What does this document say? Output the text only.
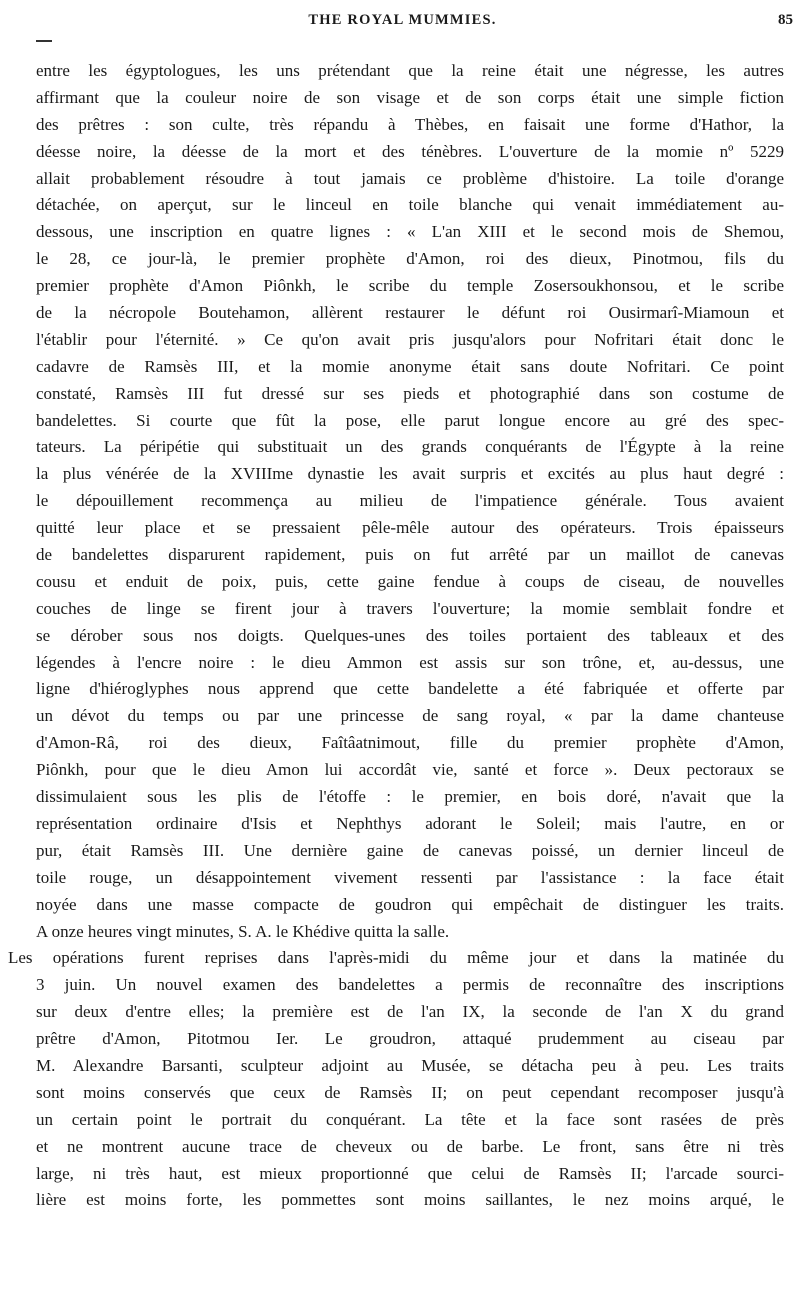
THE ROYAL MUMMIES.	85
entre les égyptologues, les uns prétendant que la reine était une négresse, les autres
affirmant que la couleur noire de son visage et de son corps était une simple fiction
des prêtres : son culte, très répandu à Thèbes, en faisait une forme d'Hathor, la
déesse noire, la déesse de la mort et des ténèbres. L'ouverture de la momie nº 5229
allait probablement résoudre à tout jamais ce problème d'histoire. La toile d'orange
détachée, on aperçut, sur le linceul en toile blanche qui venait immédiatement au-
dessous, une inscription en quatre lignes : « L'an XIII et le second mois de Shemou,
le 28, ce jour-là, le premier prophète d'Amon, roi des dieux, Pinotmou, fils du
premier prophète d'Amon Piônkh, le scribe du temple Zosersoukhonsou, et le scribe
de la nécropole Boutehamon, allèrent restaurer le défunt roi Ousirmarî-Miamoun et
l'établir pour l'éternité. » Ce qu'on avait pris jusqu'alors pour Nofritari était donc le
cadavre de Ramsès III, et la momie anonyme était sans doute Nofritari. Ce point
constaté, Ramsès III fut dressé sur ses pieds et photographié dans son costume de
bandelettes. Si courte que fût la pose, elle parut longue encore au gré des spec-
tateurs. La péripétie qui substituait un des grands conquérants de l'Égypte à la reine
la plus vénérée de la XVIIIme dynastie les avait surpris et excités au plus haut degré :
le dépouillement recommença au milieu de l'impatience générale. Tous avaient
quitté leur place et se pressaient pêle-mêle autour des opérateurs. Trois épaisseurs
de bandelettes disparurent rapidement, puis on fut arrêté par un maillot de canevas
cousu et enduit de poix, puis, cette gaine fendue à coups de ciseau, de nouvelles
couches de linge se firent jour à travers l'ouverture; la momie semblait fondre et
se dérober sous nos doigts. Quelques-unes des toiles portaient des tableaux et des
légendes à l'encre noire : le dieu Ammon est assis sur son trône, et, au-dessus, une
ligne d'hiéroglyphes nous apprend que cette bandelette a été fabriquée et offerte par
un dévot du temps ou par une princesse de sang royal, « par la dame chanteuse
d'Amon-Râ, roi des dieux, Faîtâatnimout, fille du premier prophète d'Amon,
Piônkh, pour que le dieu Amon lui accordât vie, santé et force ». Deux pectoraux se
dissimulaient sous les plis de l'étoffe : le premier, en bois doré, n'avait que la
représentation ordinaire d'Isis et Nephthys adorant le Soleil; mais l'autre, en or
pur, était Ramsès III. Une dernière gaine de canevas poissé, un dernier linceul de
toile rouge, un désappointement vivement ressenti par l'assistance : la face était
noyée dans une masse compacte de goudron qui empêchait de distinguer les traits.
A onze heures vingt minutes, S. A. le Khédive quitta la salle.
Les opérations furent reprises dans l'après-midi du même jour et dans la matinée du
3 juin. Un nouvel examen des bandelettes a permis de reconnaître des inscriptions
sur deux d'entre elles; la première est de l'an IX, la seconde de l'an X du grand
prêtre d'Amon, Pitotmou Ier. Le groudron, attaqué prudemment au ciseau par
M. Alexandre Barsanti, sculpteur adjoint au Musée, se détacha peu à peu. Les traits
sont moins conservés que ceux de Ramsès II; on peut cependant recomposer jusqu'à
un certain point le portrait du conquérant. La tête et la face sont rasées de près
et ne montrent aucune trace de cheveux ou de barbe. Le front, sans être ni très
large, ni très haut, est mieux proportionné que celui de Ramsès II; l'arcade sourci-
lière est moins forte, les pommettes sont moins saillantes, le nez moins arqué, le
